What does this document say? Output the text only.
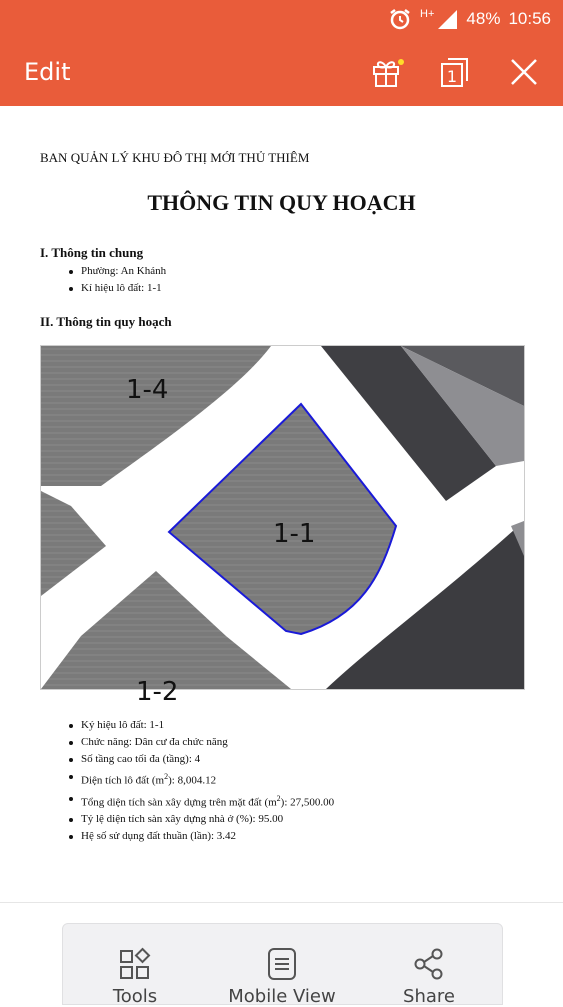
H+ 48% 10:56
Edit	1
BAN QUẢN LÝ KHU ĐÔ THỊ MỚI THỦ THIÊM
THÔNG TIN QUY HOẠCH
I. Thông tin chung
Phường: An Khánh
Kí hiệu lô đất: 1-1
II. Thông tin quy hoạch
1-4
1-1
1-2
Ký hiệu lô đất: 1-1
Chức năng: Dân cư đa chức năng
Số tầng cao tối đa (tầng): 4
Diện tích lô đất $(m^2)$: 8,004.12
Tổng diện tích sàn xây dựng trên mặt đất $(m^2)$: 27,500.00
Tỷ lệ diện tích sàn xây dựng nhà ở (%): 95.00
Hệ số sử dụng đất thuần (lần): 3.42
Tools	Mobile View	Share
